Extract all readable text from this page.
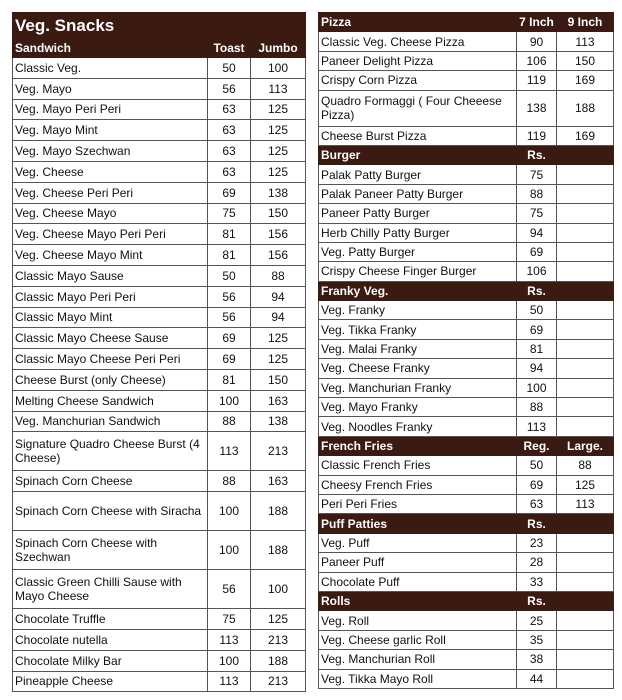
Veg. Snacks		
Sandwich	Toast	Jumbo
Classic Veg.	50	100
Veg. Mayo	56	113
Veg. Mayo Peri Peri	63	125
Veg. Mayo Mint	63	125
Veg. Mayo Szechwan	63	125
Veg. Cheese	63	125
Veg. Cheese Peri Peri	69	138
Veg. Cheese Mayo	75	150
Veg. Cheese Mayo Peri Peri	81	156
Veg. Cheese Mayo Mint	81	156
Classic Mayo Sause	50	88
Classic Mayo Peri Peri	56	94
Classic Mayo Mint	56	94
Classic Mayo Cheese Sause	69	125
Classic Mayo Cheese Peri Peri	69	125
Cheese Burst (only Cheese)	81	150
Melting Cheese Sandwich	100	163
Veg. Manchurian Sandwich	88	138
Signature Quadro Cheese Burst (4 Cheese)	113	213
Spinach Corn Cheese	88	163
Spinach Corn Cheese with Siracha	100	188
Spinach Corn Cheese with Szechwan	100	188
Classic Green Chilli Sause with Mayo Cheese	56	100
Chocolate Truffle	75	125
Chocolate nutella	113	213
Chocolate Milky Bar	100	188
Pineapple Cheese	113	213
Pizza	7 Inch	9 Inch
Classic Veg. Cheese Pizza	90	113
Paneer Delight Pizza	106	150
Crispy Corn Pizza	119	169
Quadro Formaggi ( Four Cheeese Pizza)	138	188
Cheese Burst Pizza	119	169
Burger	Rs.	
Palak Patty Burger	75	
Palak Paneer Patty Burger	88	
Paneer Patty Burger	75	
Herb Chilly Patty Burger	94	
Veg. Patty Burger	69	
Crispy Cheese Finger Burger	106	
Franky Veg.	Rs.	
Veg. Franky	50	
Veg. Tikka Franky	69	
Veg. Malai Franky	81	
Veg. Cheese Franky	94	
Veg. Manchurian Franky	100	
Veg. Mayo Franky	88	
Veg. Noodles Franky	113	
French Fries	Reg.	Large.
Classic French Fries	50	88
Cheesy French Fries	69	125
Peri Peri Fries	63	113
Puff Patties	Rs.	
Veg. Puff	23	
Paneer Puff	28	
Chocolate Puff	33	
Rolls	Rs.	
Veg. Roll	25	
Veg. Cheese garlic Roll	35	
Veg. Manchurian Roll	38	
Veg. Tikka Mayo Roll	44	
